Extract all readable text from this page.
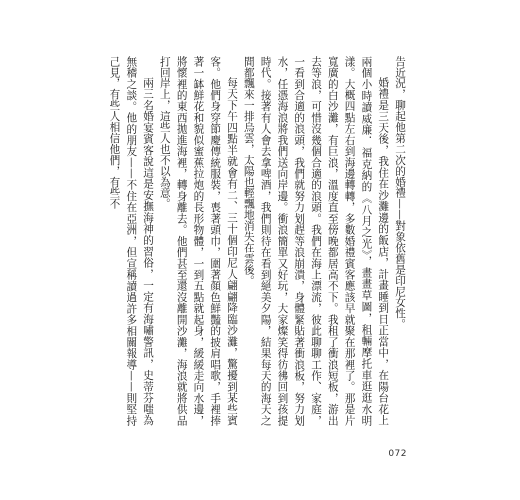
告近況，聊起他第二次的婚禮——對象依舊是印尼女性。

婚禮是三天後，我住在沙灘邊的飯店，計畫睡到日正當中，在陽台花上兩個小時讀威廉．福克納的《八月之光》，畫畫草圖，租輛摩托車逛逛水明漾。大概四點左右到海邊轉轉，多數婚禮賓客應該早就聚在那裡了。那是片寬廣的白沙灘，有巨浪，溫度直至傍晚都居高不下。我租了衝浪短板，游出去等浪，可惜沒幾個合適的浪頭。我們在海上漂流，彼此聊聊工作、家庭，一看到合適的浪頭，我們就努力划趕等浪崩潰，身體緊貼著衝浪板，努力划水，任憑海浪將我們送向岸邊。衝浪簡單又好玩，大家燦笑得彷彿回到孩提時代。接著有人會去拿啤酒，我們則待在看到絕美夕陽，結果每天的海天之間都飄來一排烏雲，太陽也輕飄地消失在雲後。

每天下午四點半就會有二、三十個印尼人翩翩降臨沙灘，驚擾到某些賓客。他們身穿節慶傳統服裝，喪著頭巾，圍著顏色鮮豔的披肩唱歌，手裡捧著一缽鮮花和貌似蜜蕉拉炮的長形物體，一到五點就起身，緩緩走向水邊，將懷裡的東西拋進海裡，轉身離去。他們甚至還沒離開沙灘，海浪就將供品打回岸上，這些人也不以為意。

兩三名婚宴賓客說這是安撫海神的習俗，一定有海嘯警訊，史蒂芬嗤為無稽之談。他的朋友——不住在亞洲，但宣稱讀過許多相關報導——則堅持己見，有些人相信他們，有些不

072
